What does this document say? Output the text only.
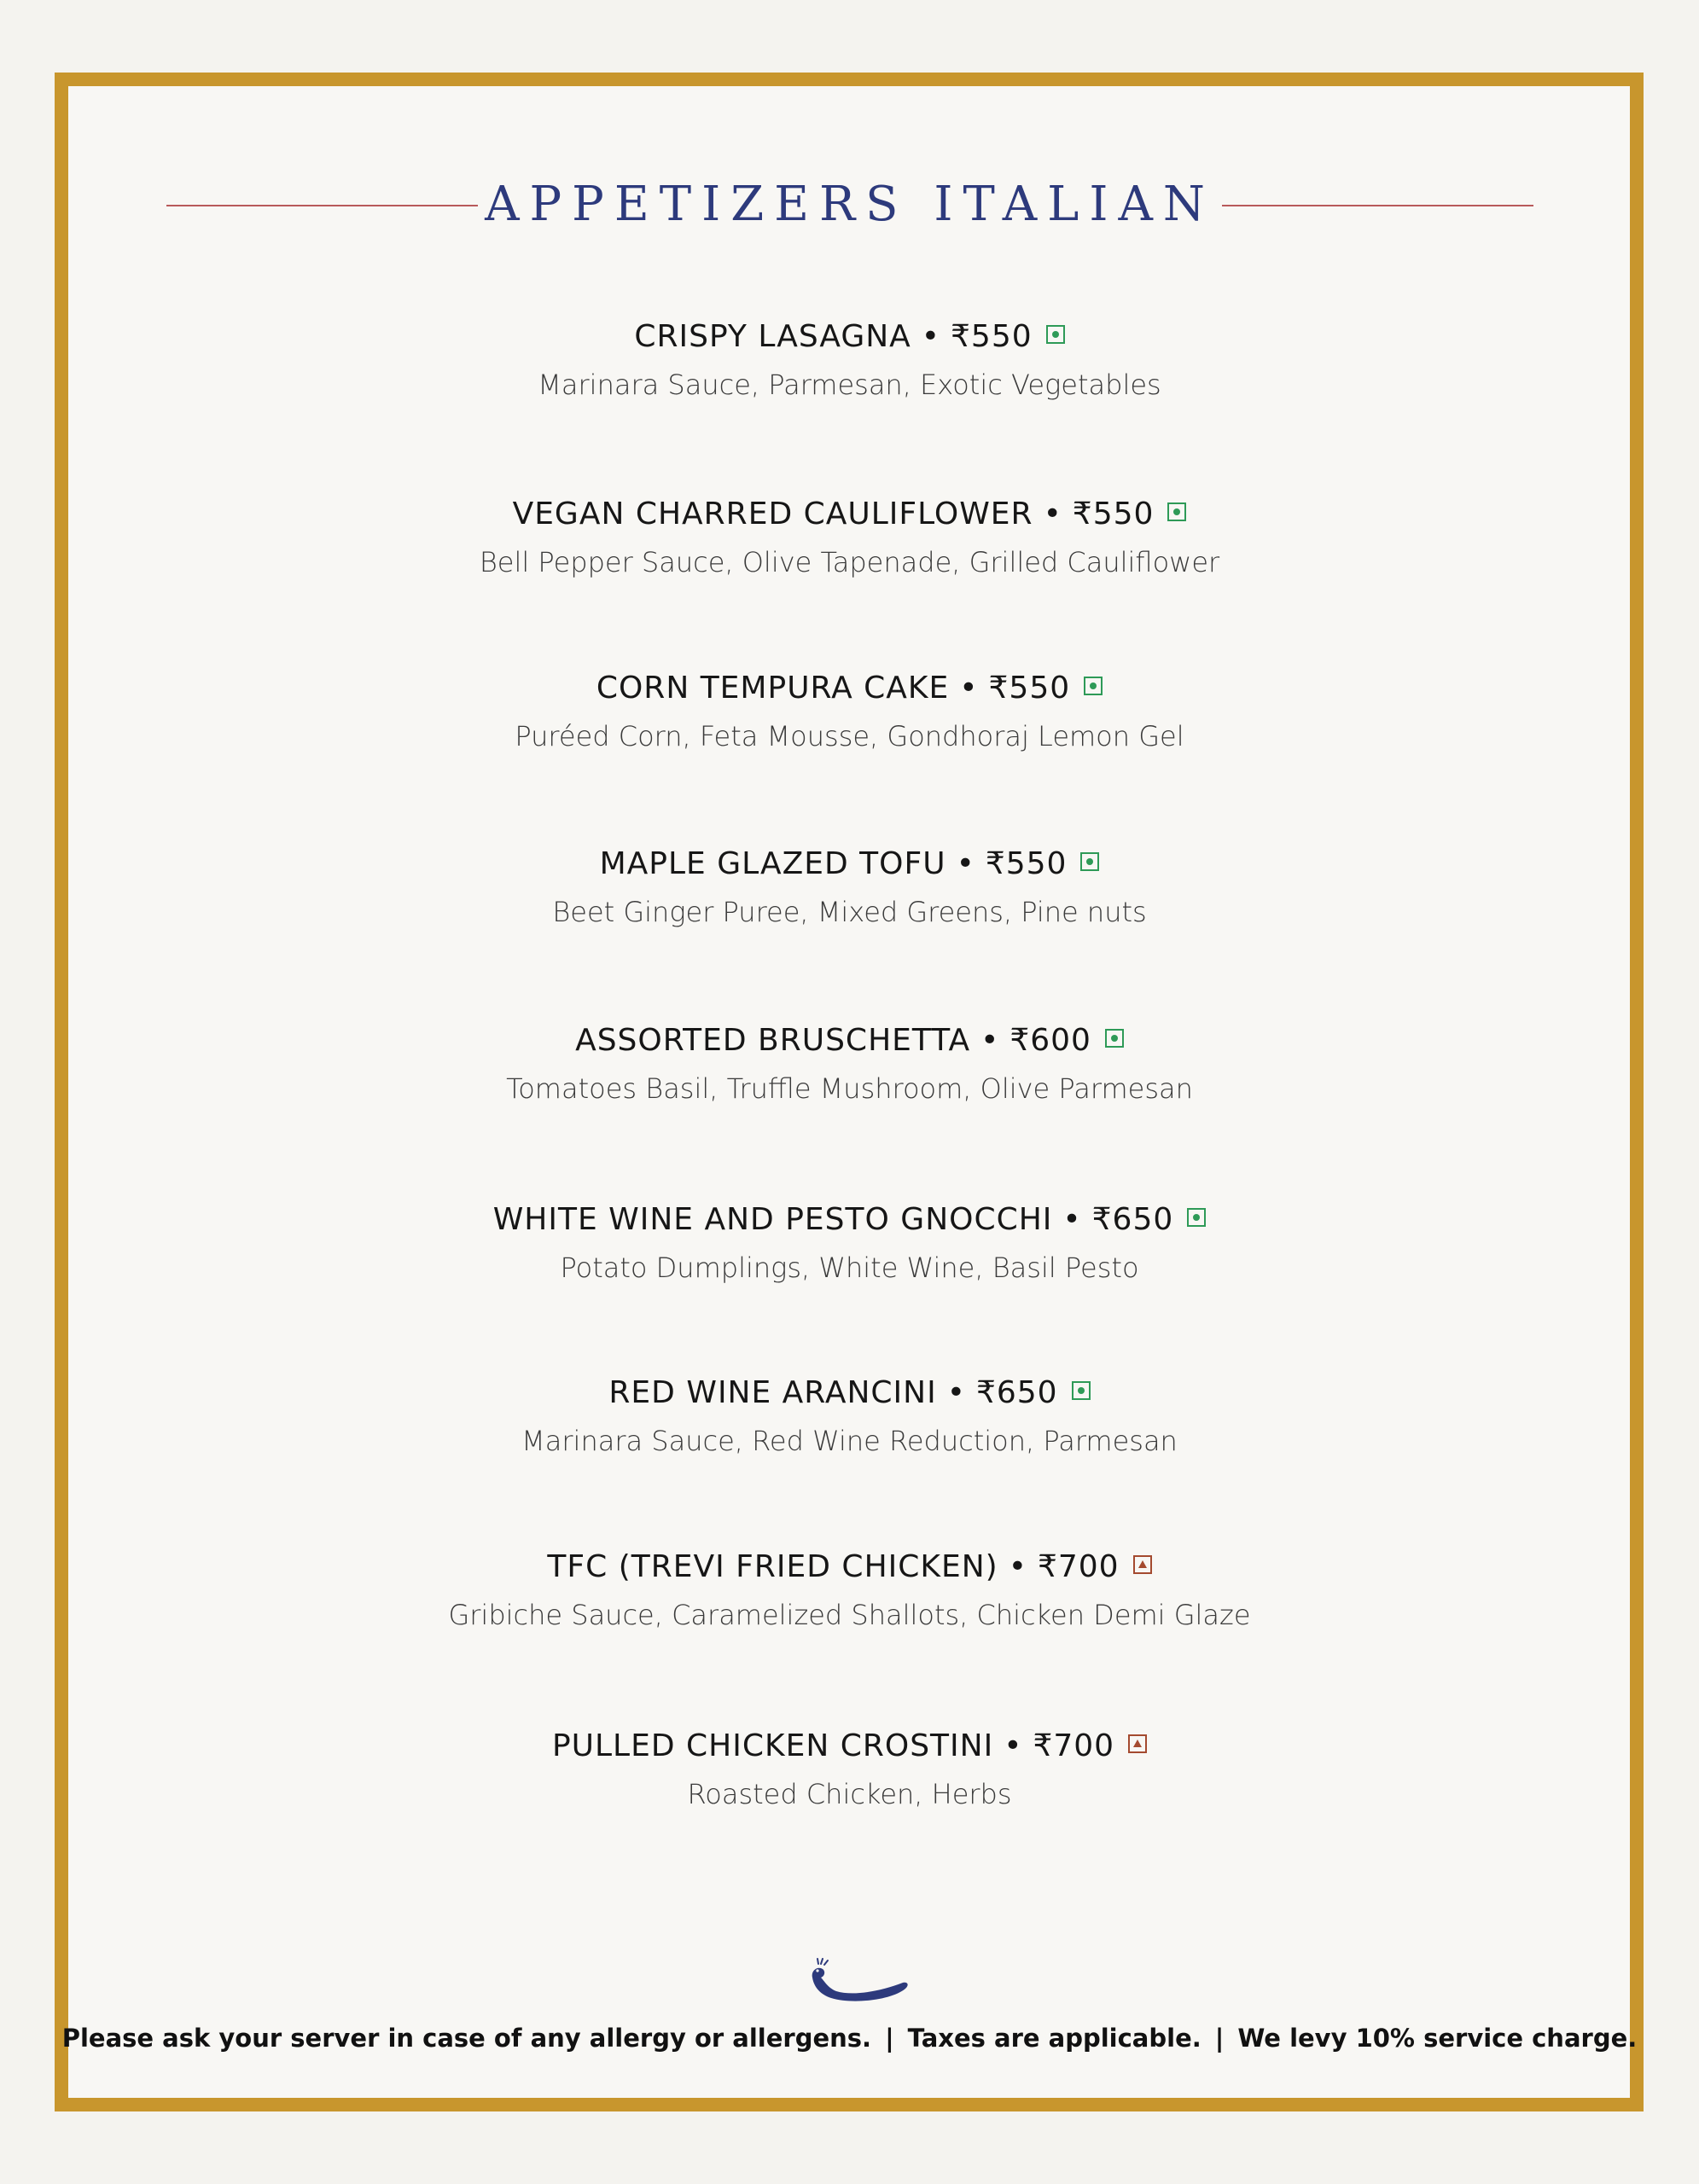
APPETIZERS ITALIAN
CRISPY LASAGNA • ₹550
Marinara Sauce, Parmesan, Exotic Vegetables
VEGAN CHARRED CAULIFLOWER • ₹550
Bell Pepper Sauce, Olive Tapenade, Grilled Cauliflower
CORN TEMPURA CAKE • ₹550
Puréed Corn, Feta Mousse, Gondhoraj Lemon Gel
MAPLE GLAZED TOFU • ₹550
Beet Ginger Puree, Mixed Greens, Pine nuts
ASSORTED BRUSCHETTA • ₹600
Tomatoes Basil, Truffle Mushroom, Olive Parmesan
WHITE WINE AND PESTO GNOCCHI • ₹650
Potato Dumplings, White Wine, Basil Pesto
RED WINE ARANCINI • ₹650
Marinara Sauce, Red Wine Reduction, Parmesan
TFC (TREVI FRIED CHICKEN) • ₹700
Gribiche Sauce, Caramelized Shallots, Chicken Demi Glaze
PULLED CHICKEN CROSTINI • ₹700
Roasted Chicken, Herbs
Please ask your server in case of any allergy or allergens. | Taxes are applicable. | We levy 10% service charge.
